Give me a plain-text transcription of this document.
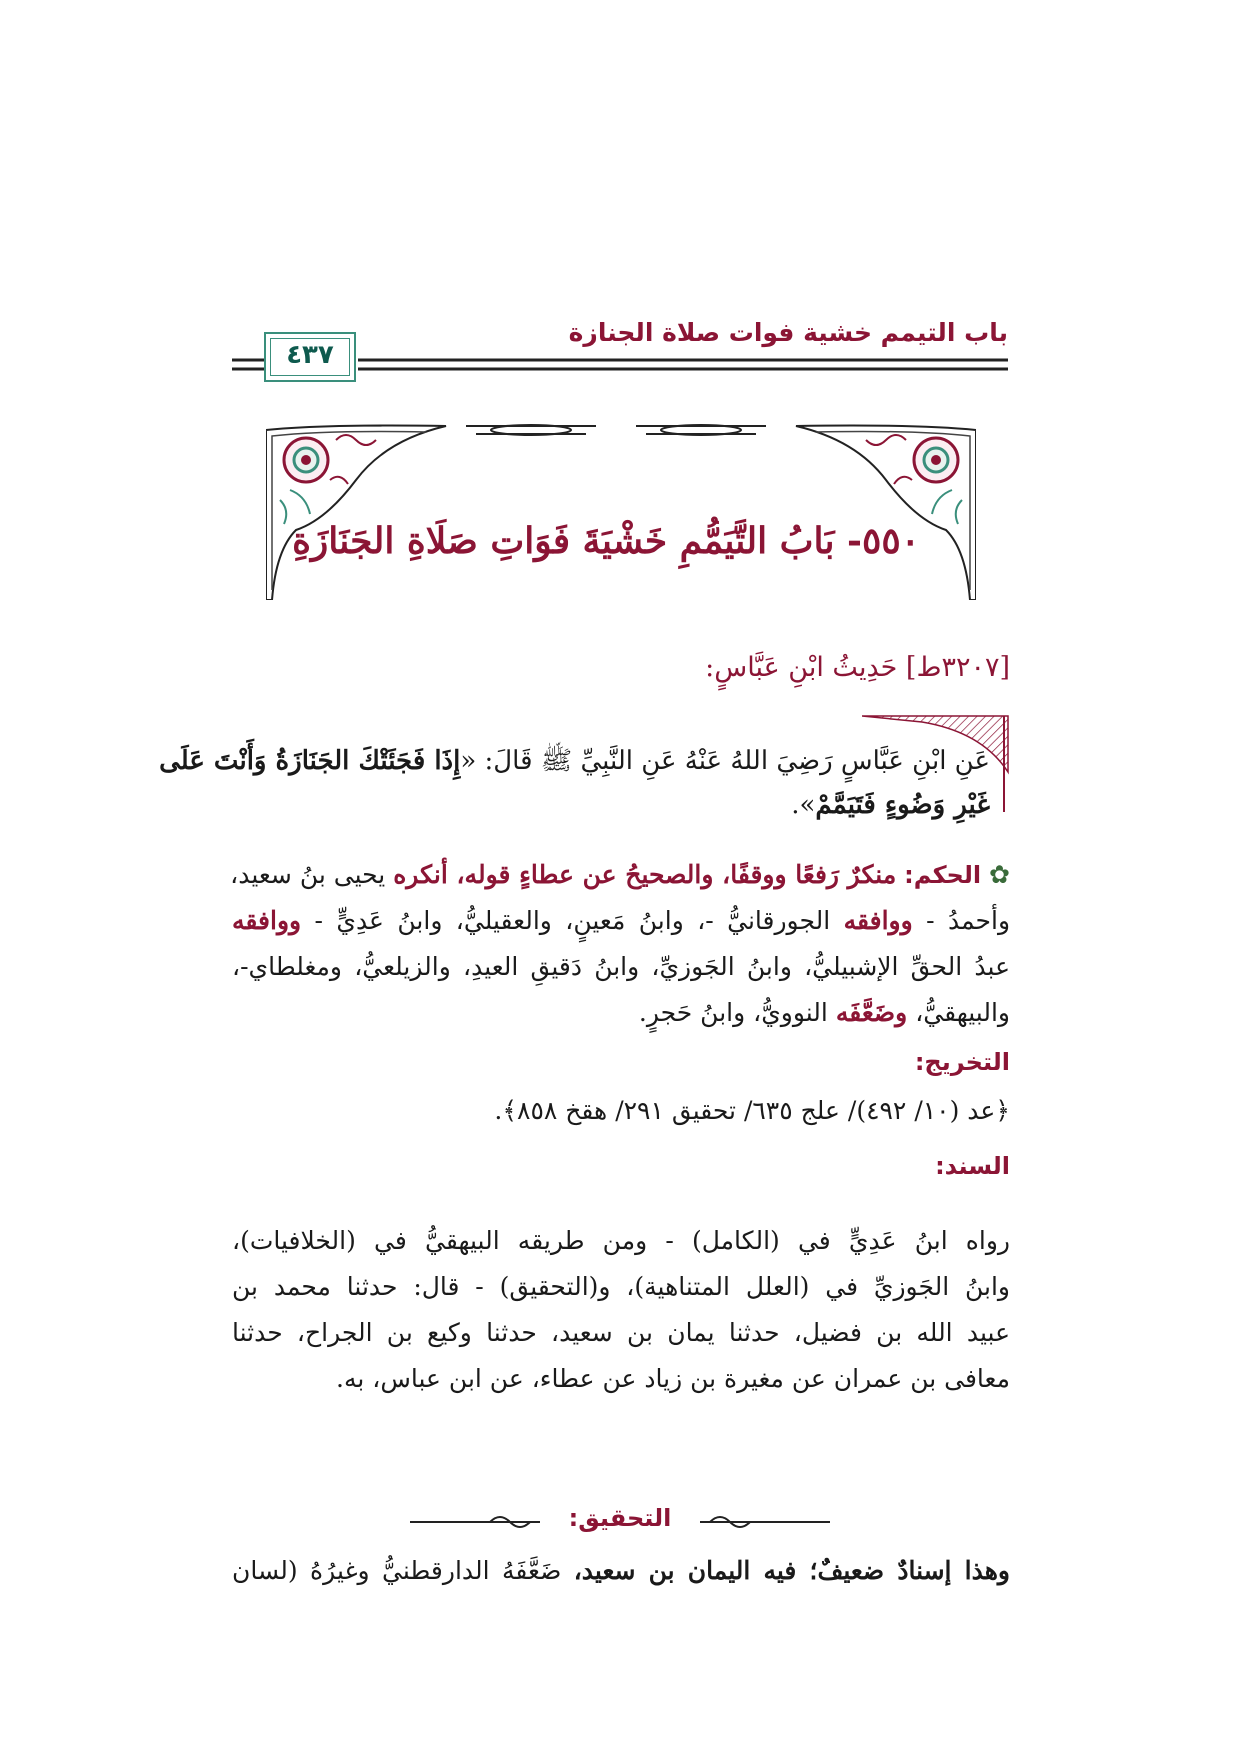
باب التيمم خشية فوات صلاة الجنازة
٤٣٧
٥٥٠- بَابُ التَّيَمُّمِ خَشْيَةَ فَوَاتِ صَلَاةِ الجَنَازَةِ
[٣٢٠٧ط] حَدِيثُ ابْنِ عَبَّاسٍ:
عَنِ ابْنِ عَبَّاسٍ رَضِيَ اللهُ عَنْهُ عَنِ النَّبِيِّ ﷺ قَالَ: «إِذَا فَجَئَتْكَ الجَنَازَةُ وَأَنْتَ عَلَى
غَيْرِ وَضُوءٍ فَتَيَمَّمْ».
✿ الحكم: منكرٌ رَفعًا ووقفًا، والصحيحُ عن عطاءٍ قوله، أنكره يحيى بنُ سعيد،
وأحمدُ - ووافقه الجورقانيُّ -، وابنُ مَعينٍ، والعقيليُّ، وابنُ عَدِيٍّ - ووافقه
عبدُ الحقِّ الإشبيليُّ، وابنُ الجَوزيِّ، وابنُ دَقيقِ العيدِ، والزيلعيُّ، ومغلطاي-،
والبيهقيُّ، وضَعَّفَه النوويُّ، وابنُ حَجرٍ.
التخريج:
﴿عد (١٠/ ٤٩٢)/ علج ٦٣٥/ تحقيق ٢٩١/ هقخ ٨٥٨﴾.
السند:
رواه ابنُ عَدِيٍّ في (الكامل) - ومن طريقه البيهقيُّ في (الخلافيات)،
وابنُ الجَوزيِّ في (العلل المتناهية)، و(التحقيق) - قال: حدثنا محمد بن
عبيد الله بن فضيل، حدثنا يمان بن سعيد، حدثنا وكيع بن الجراح، حدثنا
معافى بن عمران عن مغيرة بن زياد عن عطاء، عن ابن عباس، به.
التحقيق:
وهذا إسنادٌ ضعيفٌ؛ فيه اليمان بن سعيد، ضَعَّفَهُ الدارقطنيُّ وغيرُهُ (لسان
